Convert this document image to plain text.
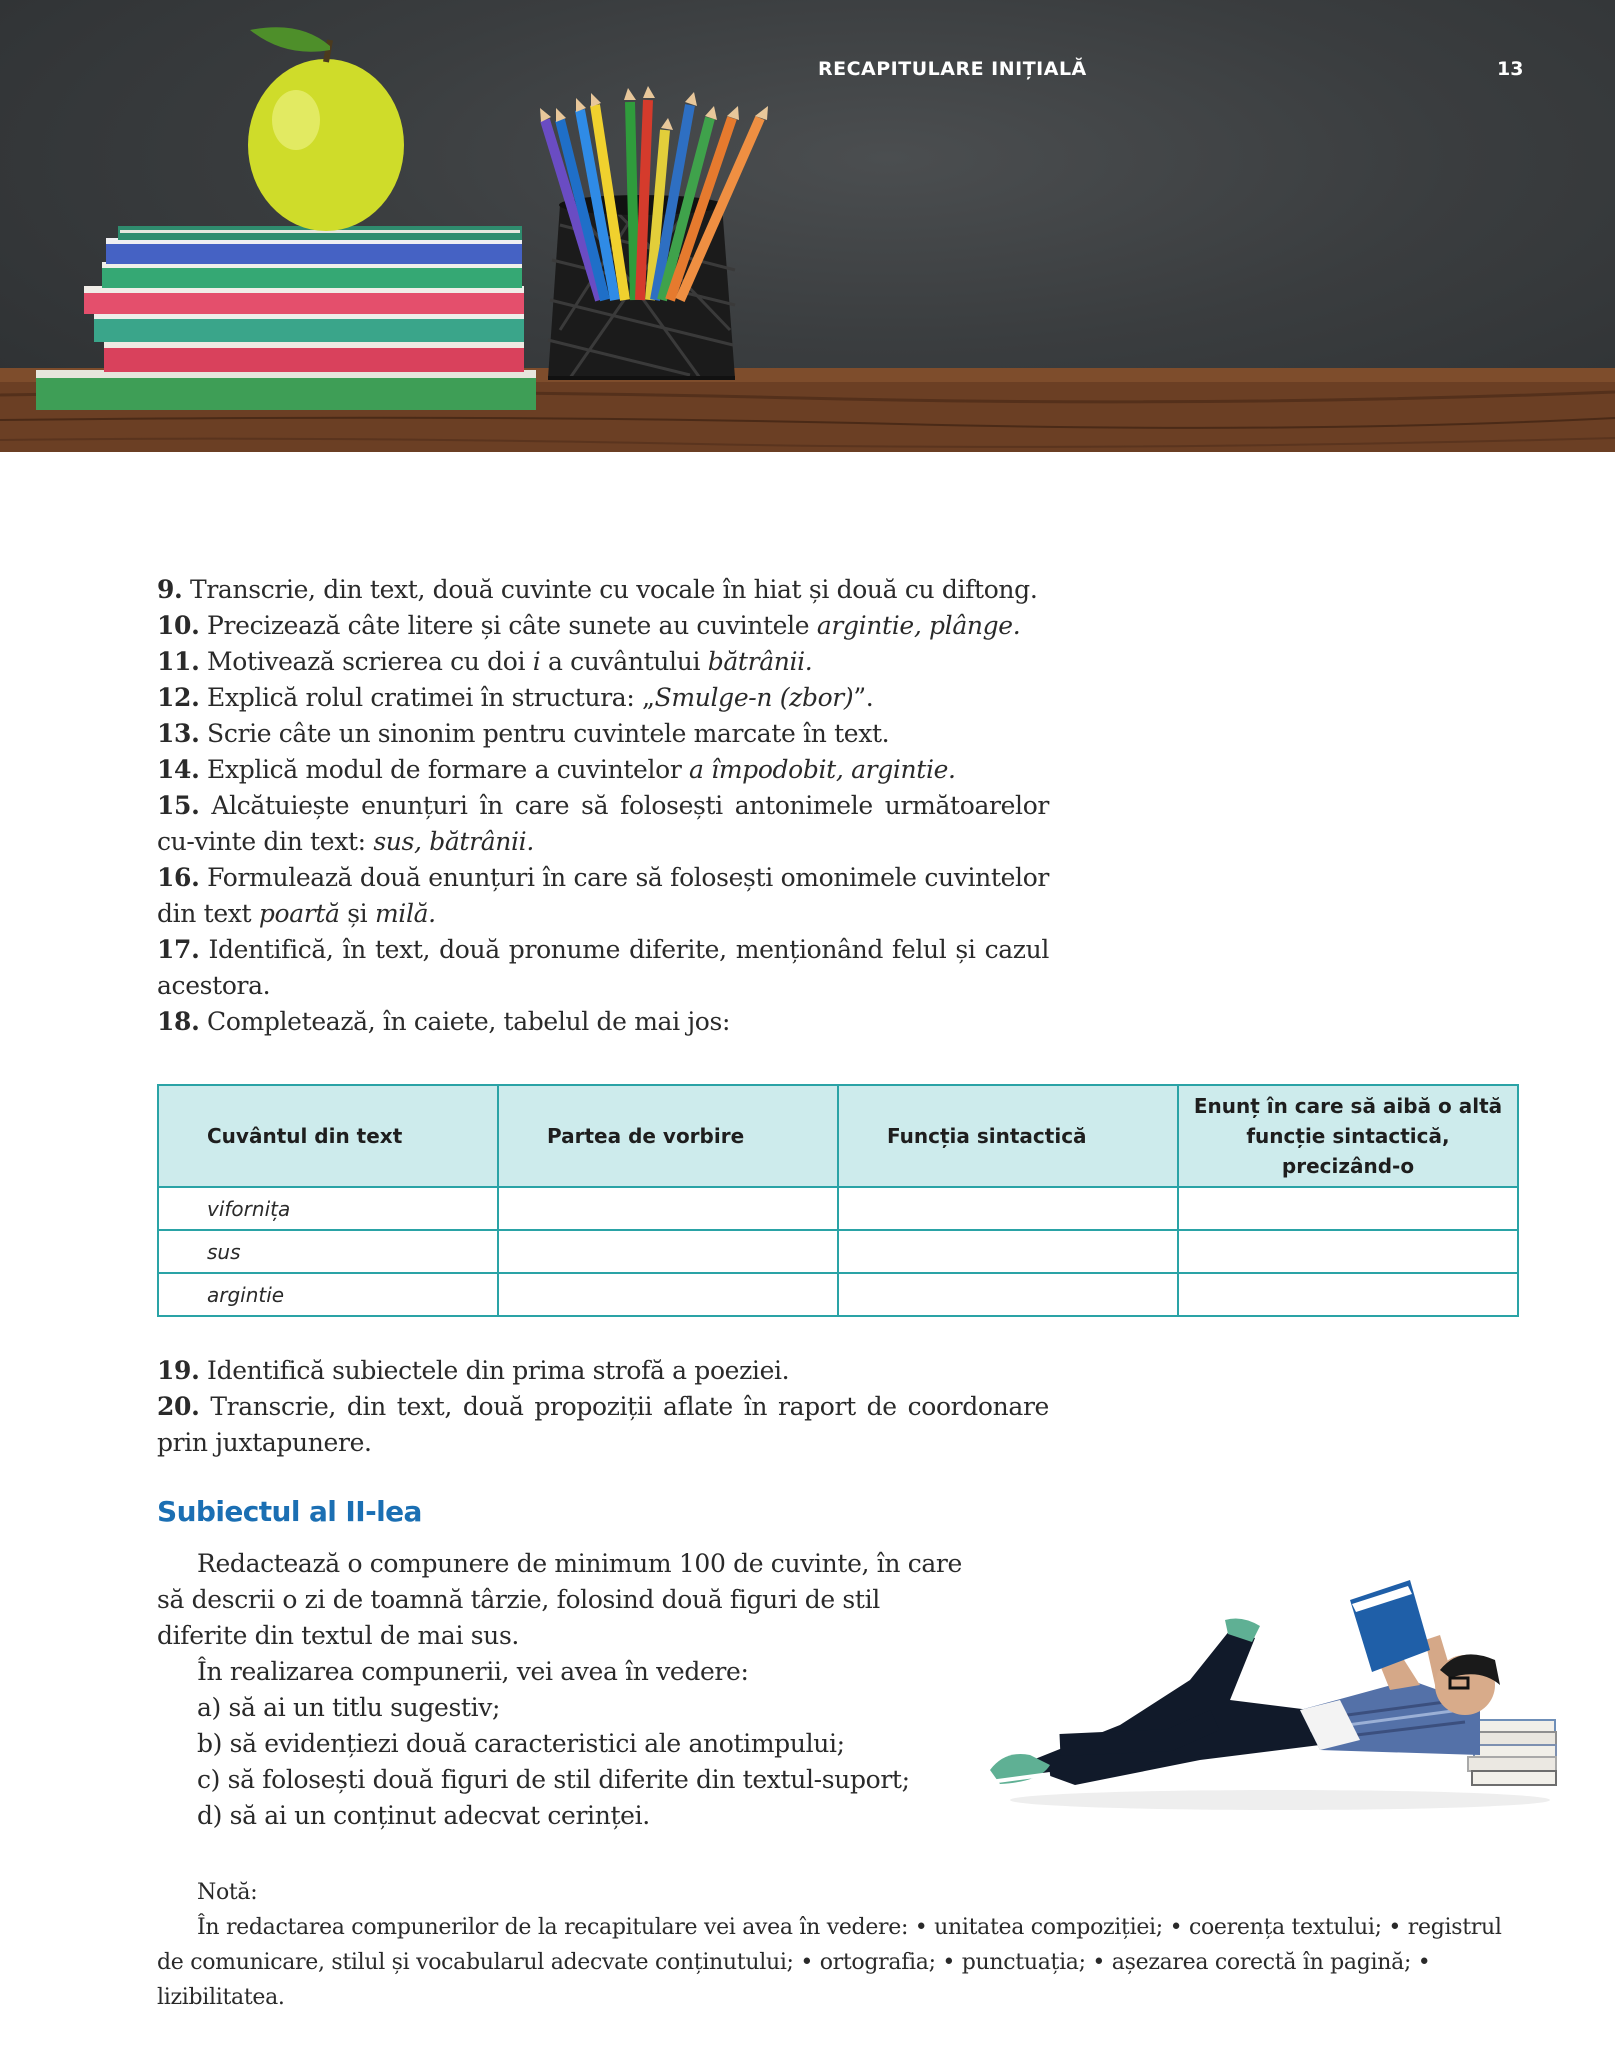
RECAPITULARE INIȚIALĂ	13

9. Transcrie, din text, două cuvinte cu vocale în hiat și două cu diftong.

10. Precizează câte litere și câte sunete au cuvintele argintie, plânge.

11. Motivează scrierea cu doi i a cuvântului bătrânii.

12. Explică rolul cratimei în structura: „Smulge-n (zbor)”.

13. Scrie câte un sinonim pentru cuvintele marcate în text.

14. Explică modul de formare a cuvintelor a împodobit, argintie.

15. Alcătuiește enunțuri în care să folosești antonimele următoarelor cu-vinte din text: sus, bătrânii.

16. Formulează două enunțuri în care să folosești omonimele cuvintelor din text poartă și milă.

17. Identifică, în text, două pronume diferite, menționând felul și cazul acestora.

18. Completează, în caiete, tabelul de mai jos:

Cuvântul din text	Partea de vorbire	Funcția sintactică	Enunț în care să aibă o altă funcție sintactică, precizând-o
vifornița			
sus			
argintie			

19. Identifică subiectele din prima strofă a poeziei.

20. Transcrie, din text, două propoziții aflate în raport de coordonare prin juxtapunere.

Subiectul al II-lea

Redactează o compunere de minimum 100 de cuvinte, în care să descrii o zi de toamnă târzie, folosind două figuri de stil diferite din textul de mai sus.

În realizarea compunerii, vei avea în vedere:

a) să ai un titlu sugestiv;

b) să evidențiezi două caracteristici ale anotimpului;

c) să folosești două figuri de stil diferite din textul-suport;

d) să ai un conținut adecvat cerinței.

Notă:

În redactarea compunerilor de la recapitulare vei avea în vedere: • unitatea compoziției; • coerența textului; • registrul de comunicare, stilul și vocabularul adecvate conținutului; • ortografia; • punctuația; • așezarea corectă în pagină; • lizibilitatea.
